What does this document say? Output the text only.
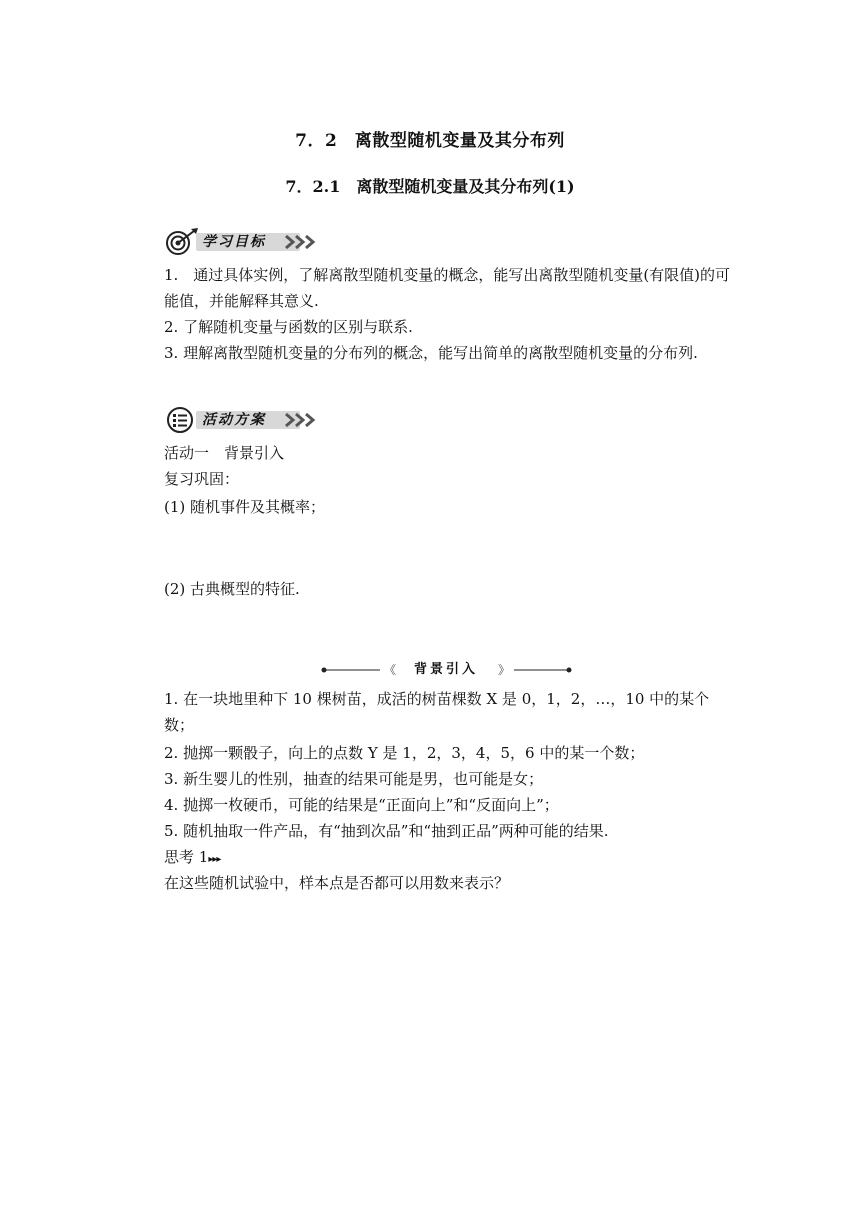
7．2　离散型随机变量及其分布列
7．2.1　离散型随机变量及其分布列(1)
学习目标
1.　通过具体实例，了解离散型随机变量的概念，能写出离散型随机变量(有限值)的可能值，并能解释其意义.
2. 了解随机变量与函数的区别与联系.
3. 理解离散型随机变量的分布列的概念，能写出简单的离散型随机变量的分布列.
活动方案
活动一　背景引入
复习巩固：
(1) 随机事件及其概率；
(2) 古典概型的特征.
《	》
背景引入
1. 在一块地里种下 10 棵树苗，成活的树苗棵数 X 是 0，1，2，…，10 中的某个数；
2. 抛掷一颗骰子，向上的点数 Y 是 1，2，3，4，5，6 中的某一个数；
3. 新生婴儿的性别，抽查的结果可能是男，也可能是女；
4. 抛掷一枚硬币，可能的结果是“正面向上”和“反面向上”；
5. 随机抽取一件产品，有“抽到次品”和“抽到正品”两种可能的结果.
思考 1▸▸▸
在这些随机试验中，样本点是否都可以用数来表示？
